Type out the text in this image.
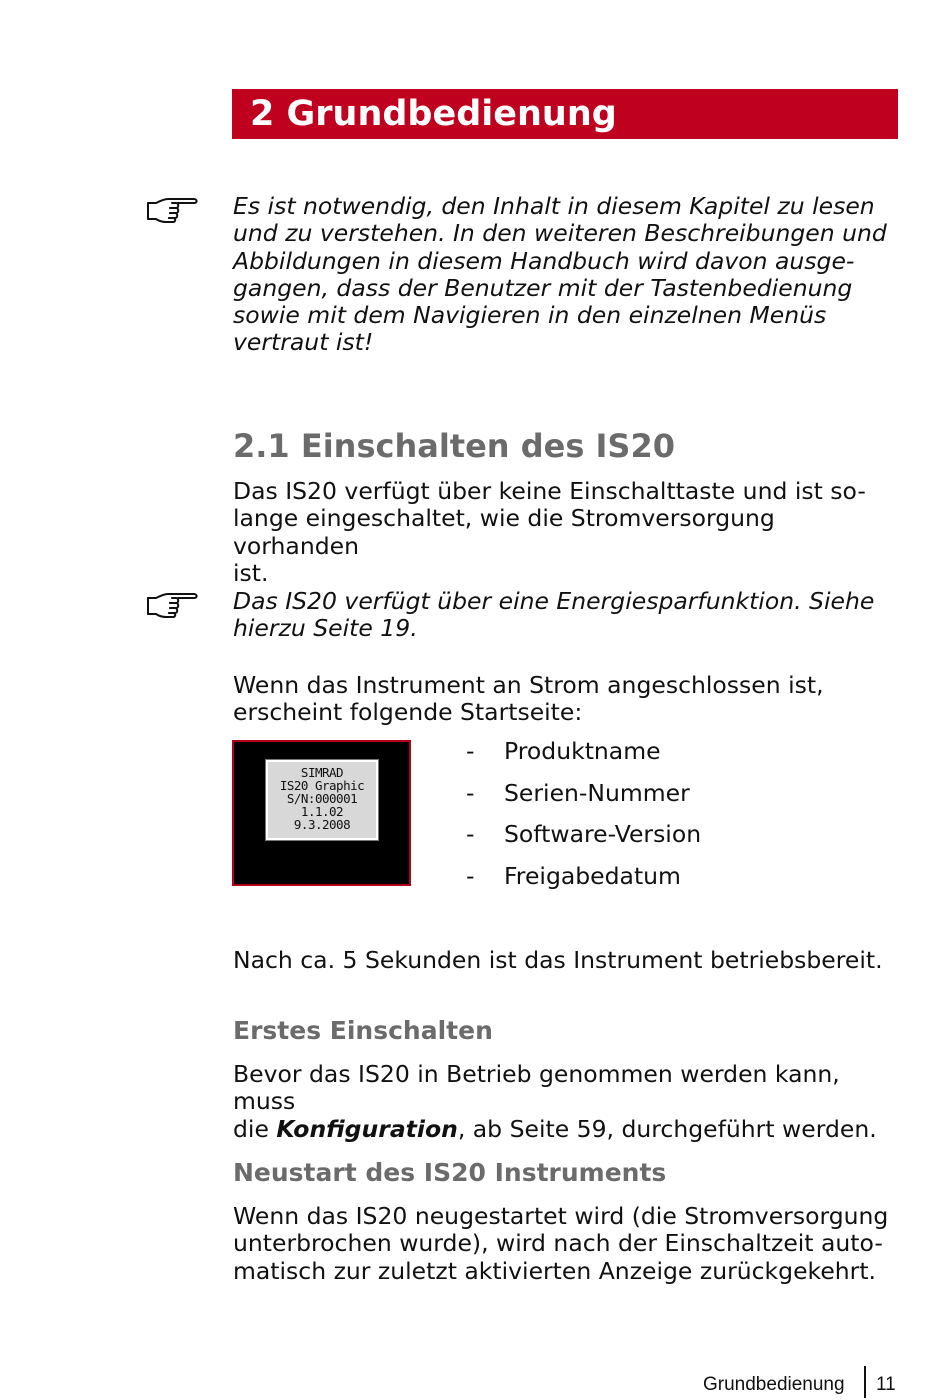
2 Grundbedienung

Es ist notwendig, den Inhalt in diesem Kapitel zu lesen
und zu verstehen. In den weiteren Beschreibungen und
Abbildungen in diesem Handbuch wird davon ausge-
gangen, dass der Benutzer mit der Tastenbedienung
sowie mit dem Navigieren in den einzelnen Menüs
vertraut ist!

2.1 Einschalten des IS20

Das IS20 verfügt über keine Einschalttaste und ist so-
lange eingeschaltet, wie die Stromversorgung vorhanden
ist.

Das IS20 verfügt über eine Energiesparfunktion. Siehe
hierzu Seite 19.

Wenn das Instrument an Strom angeschlossen ist,
erscheint folgende Startseite:

SIMRAD
IS20 Graphic
S/N:000001
1.1.02
9.3.2008
- Produktname
- Serien-Nummer
- Software-Version
- Freigabedatum

Nach ca. 5 Sekunden ist das Instrument betriebsbereit.

Erstes Einschalten

Bevor das IS20 in Betrieb genommen werden kann, muss
die Konfiguration, ab Seite 59, durchgeführt werden.

Neustart des IS20 Instruments

Wenn das IS20 neugestartet wird (die Stromversorgung
unterbrochen wurde), wird nach der Einschaltzeit auto-
matisch zur zuletzt aktivierten Anzeige zurückgekehrt.

Grundbedienung 11
